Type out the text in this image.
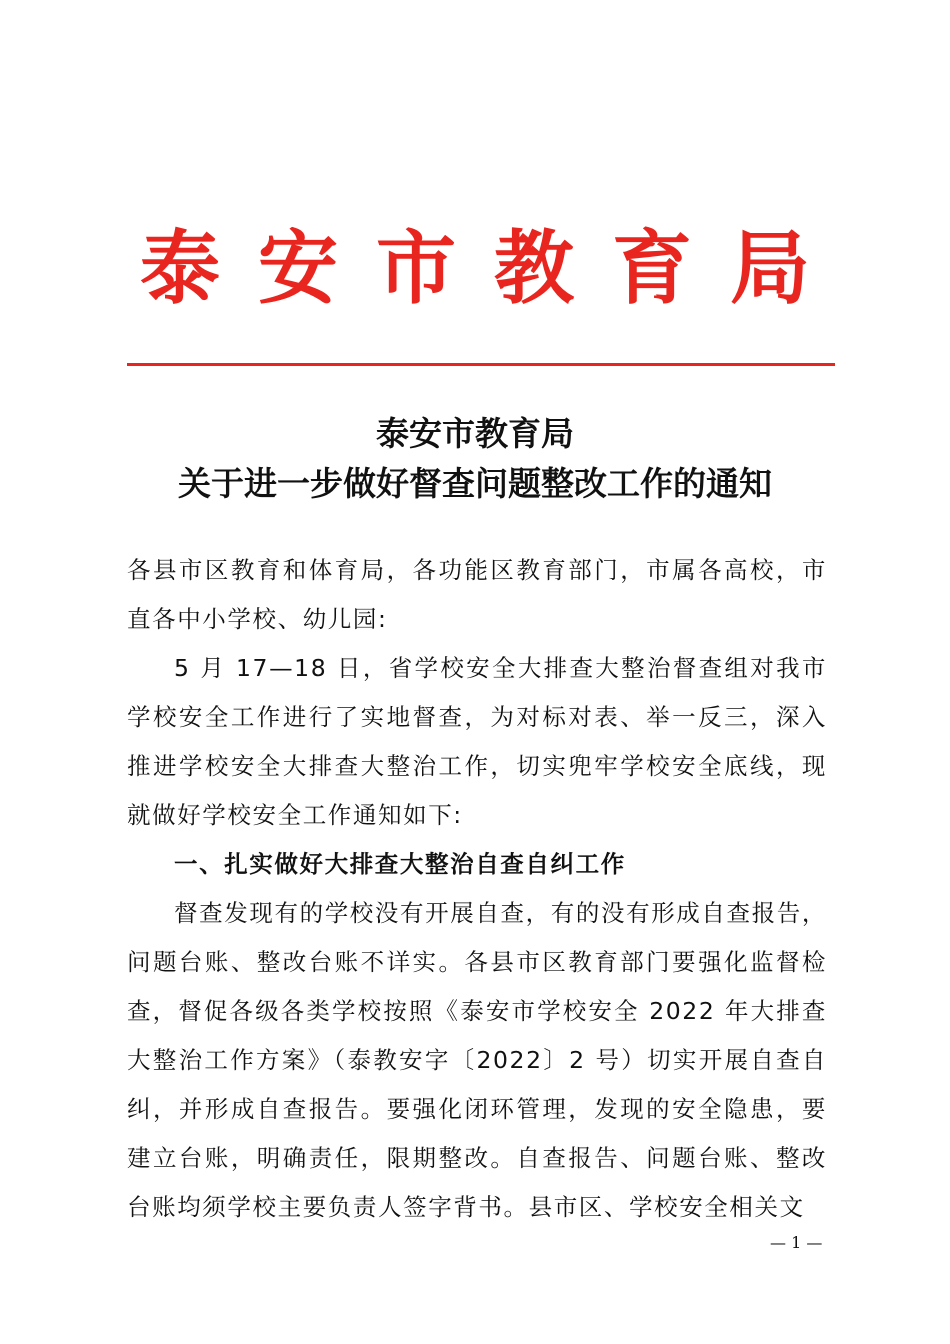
泰安市教育局
泰安市教育局
关于进一步做好督查问题整改工作的通知

各县市区教育和体育局，各功能区教育部门，市属各高校，市直各中小学校、幼儿园:

5 月 17—18 日，省学校安全大排查大整治督查组对我市学校安全工作进行了实地督查，为对标对表、举一反三，深入推进学校安全大排查大整治工作，切实兜牢学校安全底线，现就做好学校安全工作通知如下:

一、扎实做好大排查大整治自查自纠工作

督查发现有的学校没有开展自查，有的没有形成自查报告，问题台账、整改台账不详实。各县市区教育部门要强化监督检查，督促各级各类学校按照《泰安市学校安全 2022 年大排查大整治工作方案》（泰教安字〔2022〕2 号）切实开展自查自纠，并形成自查报告。要强化闭环管理，发现的安全隐患，要建立台账，明确责任，限期整改。自查报告、问题台账、整改台账均须学校主要负责人签字背书。县市区、学校安全相关文

— 1 —
